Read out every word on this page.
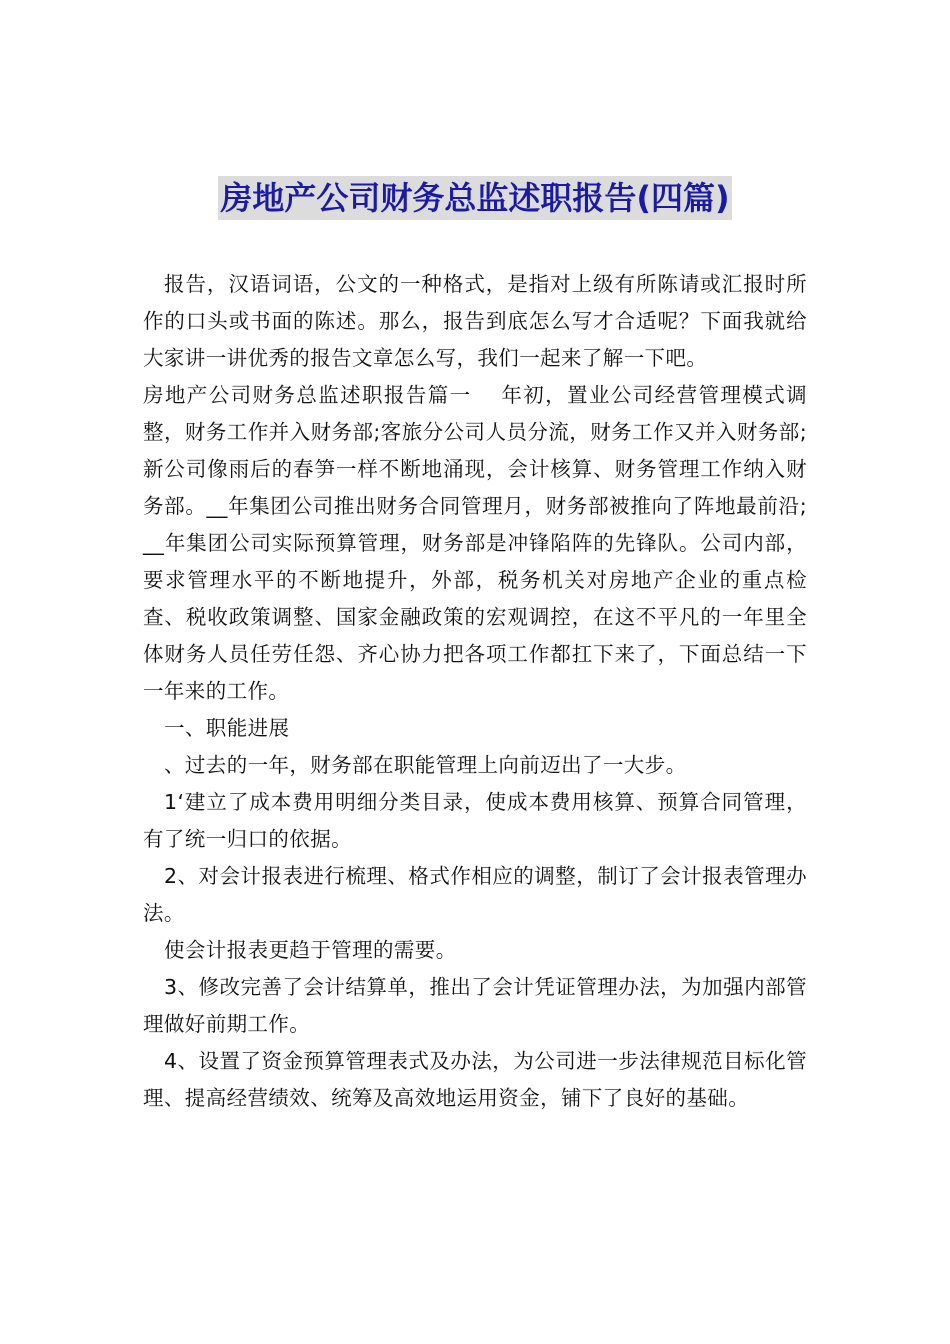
房地产公司财务总监述职报告(四篇)

报告，汉语词语，公文的一种格式，是指对上级有所陈请或汇报时所作的口头或书面的陈述。那么，报告到底怎么写才合适呢？下面我就给大家讲一讲优秀的报告文章怎么写，我们一起来了解一下吧。

房地产公司财务总监述职报告篇一　 年初，置业公司经营管理模式调整，财务工作并入财务部;客旅分公司人员分流，财务工作又并入财务部;新公司像雨后的春笋一样不断地涌现，会计核算、财务管理工作纳入财务部。__年集团公司推出财务合同管理月，财务部被推向了阵地最前沿;__年集团公司实际预算管理，财务部是冲锋陷阵的先锋队。公司内部，要求管理水平的不断地提升，外部，税务机关对房地产企业的重点检查、税收政策调整、国家金融政策的宏观调控，在这不平凡的一年里全体财务人员任劳任怨、齐心协力把各项工作都扛下来了，下面总结一下一年来的工作。

一、职能进展

、过去的一年，财务部在职能管理上向前迈出了一大步。

1‘建立了成本费用明细分类目录，使成本费用核算、预算合同管理，有了统一归口的依据。

2、对会计报表进行梳理、格式作相应的调整，制订了会计报表管理办法。

使会计报表更趋于管理的需要。

3、修改完善了会计结算单，推出了会计凭证管理办法，为加强内部管理做好前期工作。

4、设置了资金预算管理表式及办法，为公司进一步法律规范目标化管理、提高经营绩效、统筹及高效地运用资金，铺下了良好的基础。
